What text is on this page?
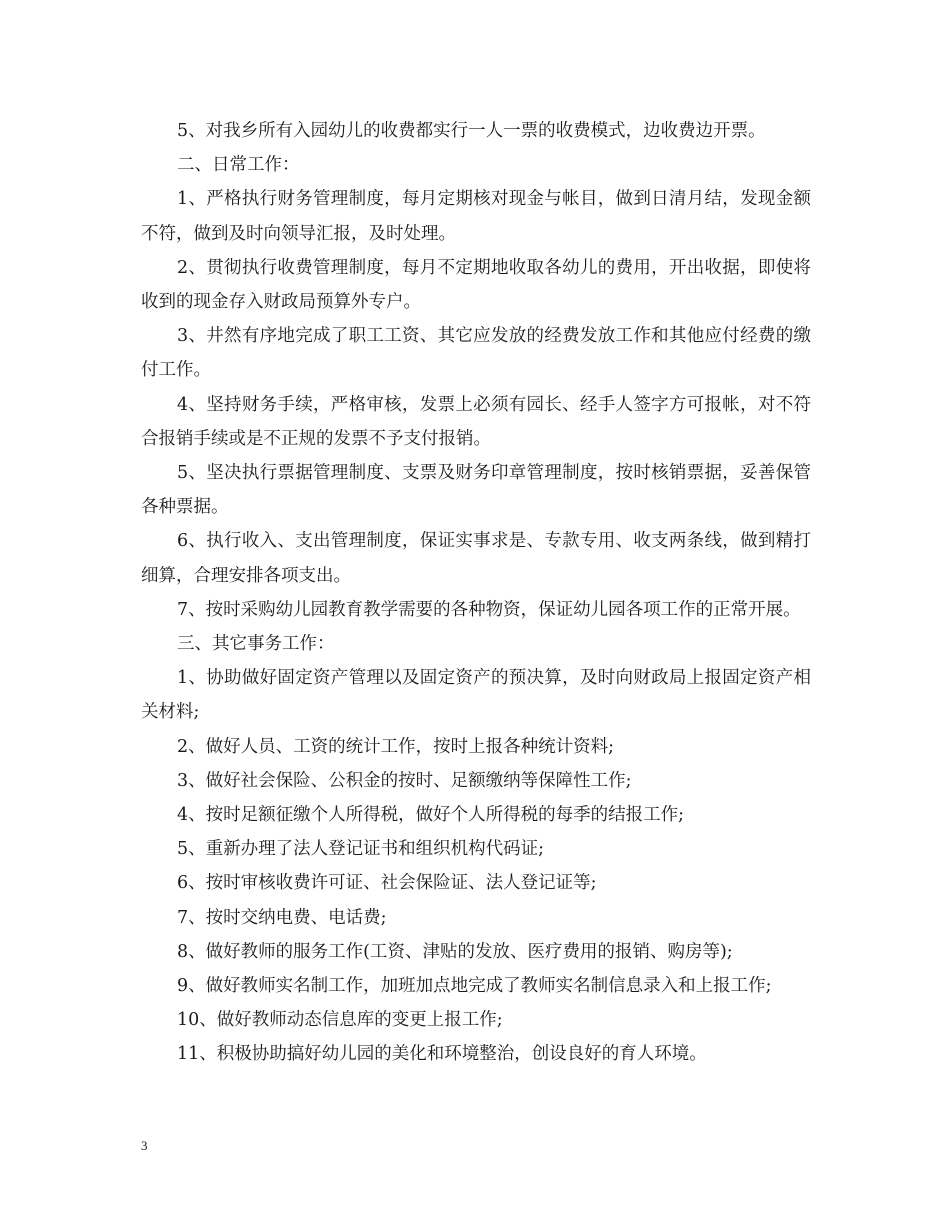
5、对我乡所有入园幼儿的收费都实行一人一票的收费模式，边收费边开票。

二、日常工作：

1、严格执行财务管理制度，每月定期核对现金与帐目，做到日清月结，发现金额不符，做到及时向领导汇报，及时处理。

2、贯彻执行收费管理制度，每月不定期地收取各幼儿的费用，开出收据，即使将收到的现金存入财政局预算外专户。

3、井然有序地完成了职工工资、其它应发放的经费发放工作和其他应付经费的缴付工作。

4、坚持财务手续，严格审核，发票上必须有园长、经手人签字方可报帐，对不符合报销手续或是不正规的发票不予支付报销。

5、坚决执行票据管理制度、支票及财务印章管理制度，按时核销票据，妥善保管各种票据。

6、执行收入、支出管理制度，保证实事求是、专款专用、收支两条线，做到精打细算，合理安排各项支出。

7、按时采购幼儿园教育教学需要的各种物资，保证幼儿园各项工作的正常开展。

三、其它事务工作：

1、协助做好固定资产管理以及固定资产的预决算，及时向财政局上报固定资产相关材料;

2、做好人员、工资的统计工作，按时上报各种统计资料;

3、做好社会保险、公积金的按时、足额缴纳等保障性工作;

4、按时足额征缴个人所得税，做好个人所得税的每季的结报工作;

5、重新办理了法人登记证书和组织机构代码证;

6、按时审核收费许可证、社会保险证、法人登记证等;

7、按时交纳电费、电话费;

8、做好教师的服务工作(工资、津贴的发放、医疗费用的报销、购房等);

9、做好教师实名制工作，加班加点地完成了教师实名制信息录入和上报工作;

10、做好教师动态信息库的变更上报工作;

11、积极协助搞好幼儿园的美化和环境整治，创设良好的育人环境。

3
